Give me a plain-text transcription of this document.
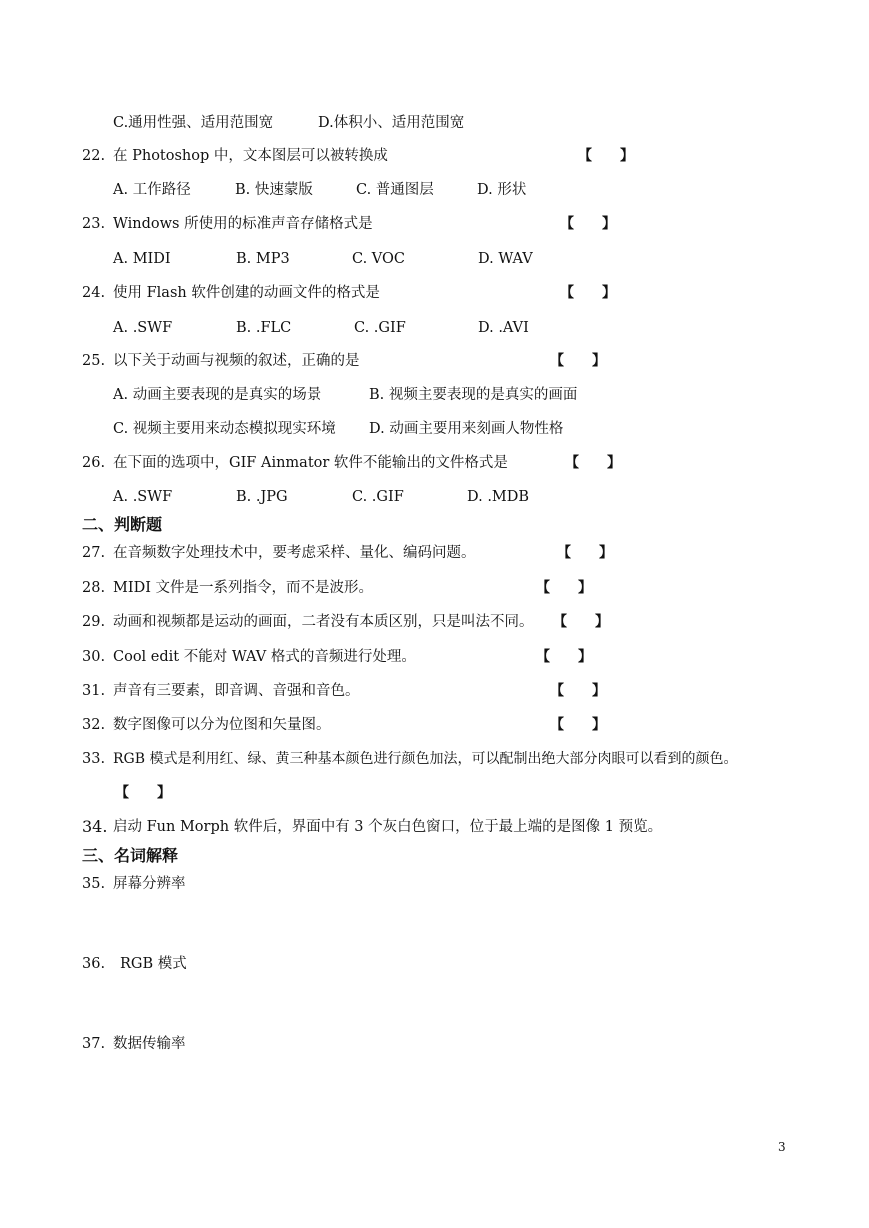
C.通用性强、适用范围宽	D.体积小、适用范围宽
22. 在 Photoshop 中，文本图层可以被转换成	【　　】
A. 工作路径	B. 快速蒙版	C. 普通图层	D. 形状
23. Windows 所使用的标准声音存储格式是	【　　】
A. MIDI	B. MP3	C. VOC	D. WAV
24. 使用 Flash 软件创建的动画文件的格式是	【　　】
A. .SWF	B. .FLC	C. .GIF	D. .AVI
25. 以下关于动画与视频的叙述，正确的是	【　　】
A. 动画主要表现的是真实的场景	B. 视频主要表现的是真实的画面
C. 视频主要用来动态模拟现实环境 D. 动画主要用来刻画人物性格
26. 在下面的选项中，GIF Ainmator 软件不能输出的文件格式是	【　　】
A. .SWF	B. .JPG	C. .GIF	D. .MDB
二、判断题
27. 在音频数字处理技术中，要考虑采样、量化、编码问题。	【　　】
28. MIDI 文件是一系列指令，而不是波形。	【　　】
29. 动画和视频都是运动的画面，二者没有本质区别，只是叫法不同。 【　　】
30. Cool edit 不能对 WAV 格式的音频进行处理。	【　　】
31. 声音有三要素，即音调、音强和音色。	【　　】
32. 数字图像可以分为位图和矢量图。	【　　】
33. RGB 模式是利用红、绿、黄三种基本颜色进行颜色加法，可以配制出绝大部分肉眼可以看到的颜色。
【　　】
34. 启动 Fun Morph 软件后，界面中有 3 个灰白色窗口，位于最上端的是图像 1 预览。
三、名词解释
35. 屏幕分辨率
36.	RGB 模式
37. 数据传输率
3
